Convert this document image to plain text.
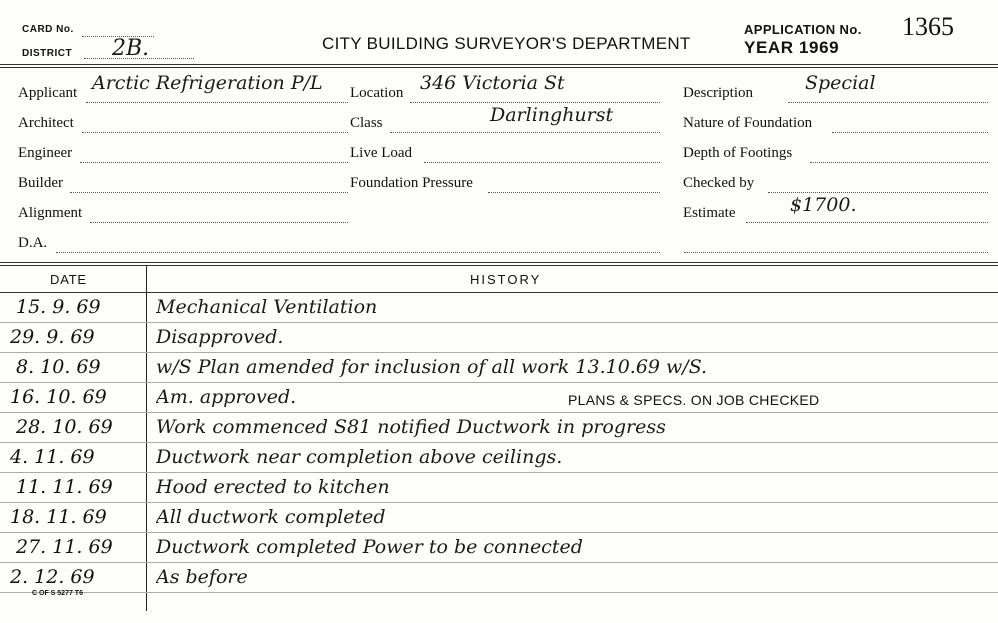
CARD No.
DISTRICT 2B.	CITY BUILDING SURVEYOR'S DEPARTMENT
APPLICATION No. 1365
YEAR 1969
Applicant Arctic Refrigeration P/L
Architect
Engineer
Builder
Alignment
D.A.
Location 346 Victoria St
Class	Darlinghurst
Live Load
Foundation Pressure
Description	Special
Nature of Foundation
Depth of Footings
Checked by
Estimate	$1700.
DATE	HISTORY
15. 9. 69	Mechanical Ventilation
29. 9. 69	Disapproved.
8. 10. 69	w/S Plan amended for inclusion of all work 13.10.69 w/S.
16. 10. 69	Am. approved.	PLANS & SPECS. ON JOB CHECKED
28. 10. 69 Work commenced S81 notified Ductwork in progress
4. 11. 69	Ductwork near completion above ceilings.
11. 11. 69 Hood erected to kitchen
18. 11. 69	All ductwork completed
27. 11. 69 Ductwork completed Power to be connected
2. 12. 69	As before
C OF S 5277 T6
